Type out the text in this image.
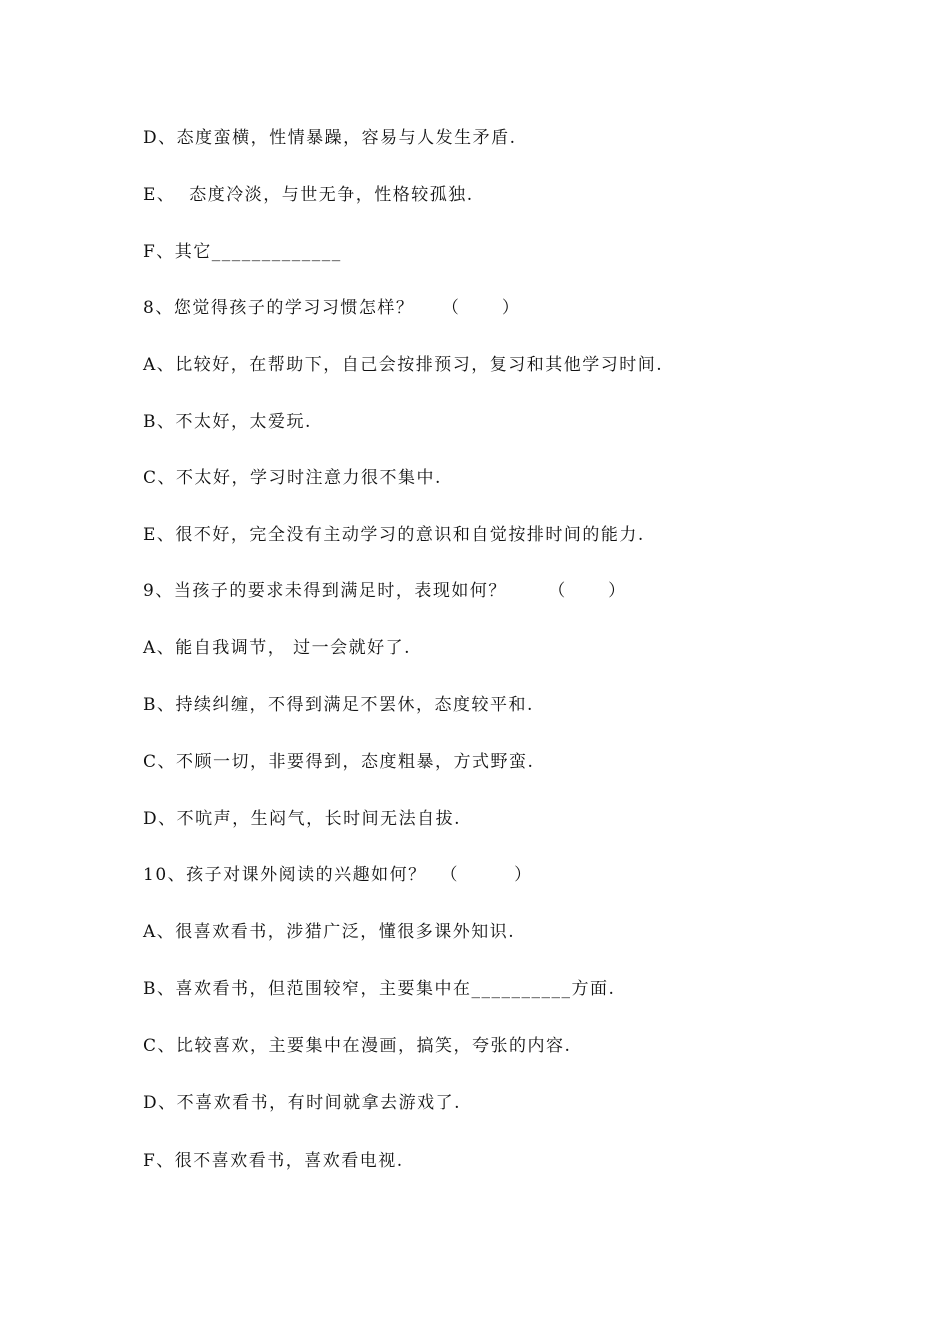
D、态度蛮横，性情暴躁，容易与人发生矛盾.
E、  态度冷淡，与世无争，性格较孤独.
F、其它_____________
8、您觉得孩子的学习习惯怎样？    （      ）
A、比较好，在帮助下，自己会按排预习，复习和其他学习时间.
B、不太好，太爱玩.
C、不太好，学习时注意力很不集中.
E、很不好，完全没有主动学习的意识和自觉按排时间的能力.
9、当孩子的要求未得到满足时，表现如何？      （      ）
A、能自我调节， 过一会就好了.
B、持续纠缠，不得到满足不罢休，态度较平和.
C、不顾一切，非要得到，态度粗暴，方式野蛮.
D、不吭声，生闷气，长时间无法自拔.
10、孩子对课外阅读的兴趣如何？  （        ）
A、很喜欢看书，涉猎广泛，懂很多课外知识.
B、喜欢看书，但范围较窄，主要集中在__________方面.
C、比较喜欢，主要集中在漫画，搞笑，夸张的内容.
D、不喜欢看书，有时间就拿去游戏了.
F、很不喜欢看书，喜欢看电视.
